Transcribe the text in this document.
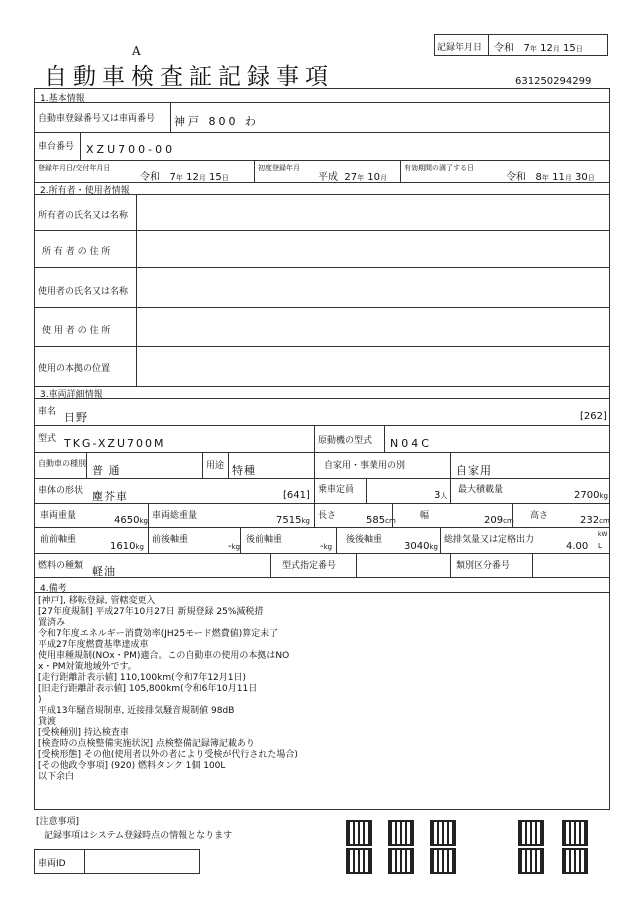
A
自動車検査証記録事項
記録年月日 令和 7年 12月 15日
631250294299
1.基本情報
自動車登録番号又は車両番号 神戸 800 わ
車台番号 XZU700-00
登録年月日/交付年月日
令和 7年 12月 15日
初度登録年月
平成 27年 10月
有効期間の満了する日
令和 8年 11月 30日
2.所有者・使用者情報
所有者の氏名又は名称
所 有 者 の 住 所
使用者の氏名又は名称
使 用 者 の 住 所
使用の本拠の位置
3.車両詳細情報
車名 日野	[262]
型式 TKG-XZU700M	原動機の型式 N04C
自動車の種別
普 通	用途 特種	自家用・事業用の別	自家用
車体の形状 塵芥車	[641] 乗車定員	3人
最大積載量	2700kg
車両重量	4650kg 車両総重量	7515kg 長さ	585cm	幅	209cm 高さ	232cm
前前軸重
1610kg
前後軸重
-kg
後前軸重
-kg
後後軸重
3040kg
総排気量又は定格出力
4.00
kW
L
燃料の種類 軽油	型式指定番号	類別区分番号
4.備考
[神戸], 移転登録, 管轄変更入
[27年度規制] 平成27年10月27日 新規登録 25%減税措
置済み
令和7年度エネルギー消費効率(JH25モード燃費値)算定未了
平成27年度燃費基準達成車
使用車種規制(NOx・PM)適合。この自動車の使用の本拠はNO
x・PM対策地域外です。
[走行距離計表示値] 110,100km(令和7年12月1日)
[旧走行距離計表示値] 105,800km(令和6年10月11日
)
平成13年騒音規制車, 近接排気騒音規制値 98dB
貸渡
[受検種別] 持込検査車
[検査時の点検整備実施状況] 点検整備記録簿記載あり
[受検形態] その他(使用者以外の者により受検が代行された場合)
[その他政令事項] (920) 燃料タンク 1個 100L
以下余白
[注意事項]
記録事項はシステム登録時点の情報となります
車両ID
